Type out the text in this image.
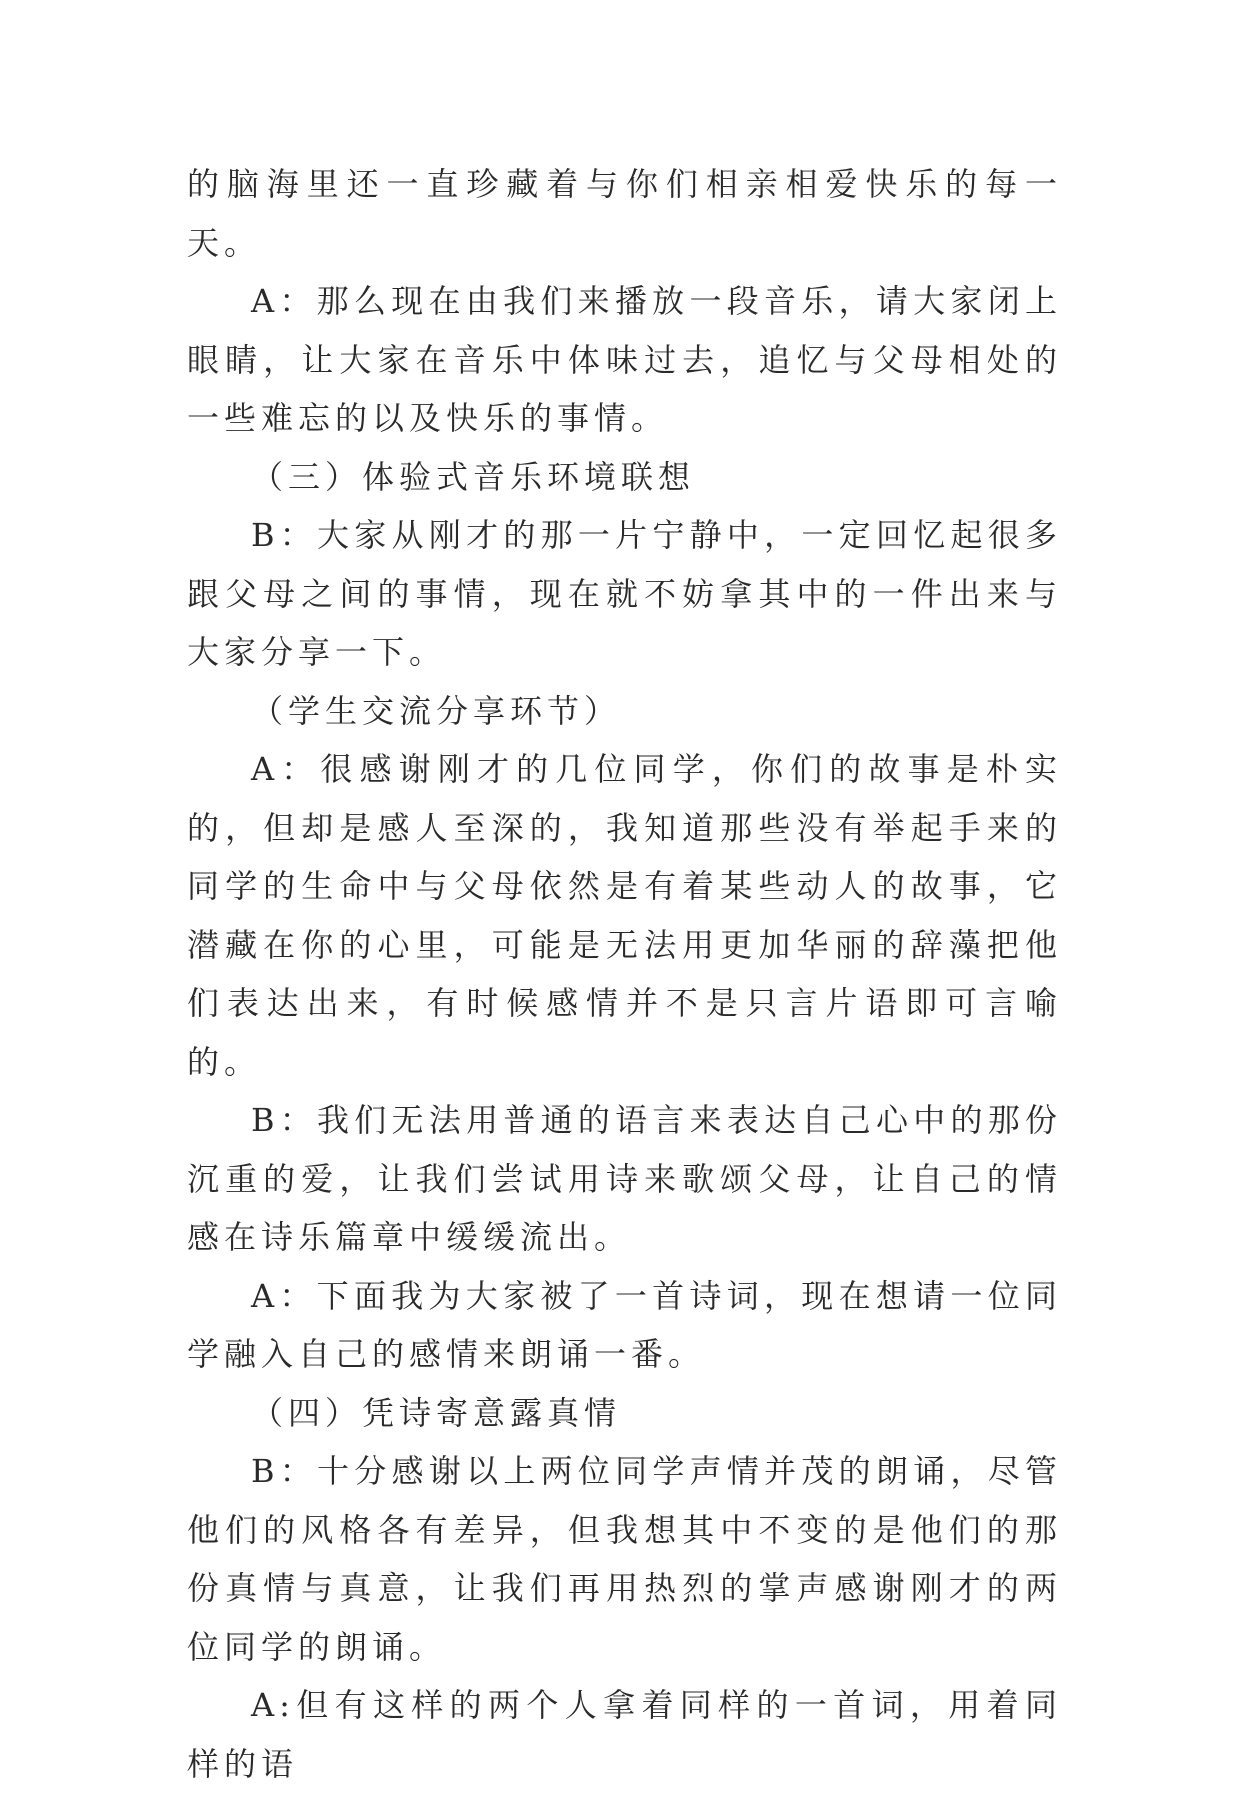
的脑海里还一直珍藏着与你们相亲相爱快乐的每一天。

A：那么现在由我们来播放一段音乐，请大家闭上眼睛，让大家在音乐中体味过去，追忆与父母相处的一些难忘的以及快乐的事情。

（三）体验式音乐环境联想

B：大家从刚才的那一片宁静中，一定回忆起很多跟父母之间的事情，现在就不妨拿其中的一件出来与大家分享一下。

（学生交流分享环节）

A：很感谢刚才的几位同学，你们的故事是朴实的，但却是感人至深的，我知道那些没有举起手来的同学的生命中与父母依然是有着某些动人的故事，它潜藏在你的心里，可能是无法用更加华丽的辞藻把他们表达出来，有时候感情并不是只言片语即可言喻的。

B：我们无法用普通的语言来表达自己心中的那份沉重的爱，让我们尝试用诗来歌颂父母，让自己的情感在诗乐篇章中缓缓流出。

A：下面我为大家被了一首诗词，现在想请一位同学融入自己的感情来朗诵一番。

（四）凭诗寄意露真情

B：十分感谢以上两位同学声情并茂的朗诵，尽管他们的风格各有差异，但我想其中不变的是他们的那份真情与真意，让我们再用热烈的掌声感谢刚才的两位同学的朗诵。

A:但有这样的两个人拿着同样的一首词，用着同样的语
